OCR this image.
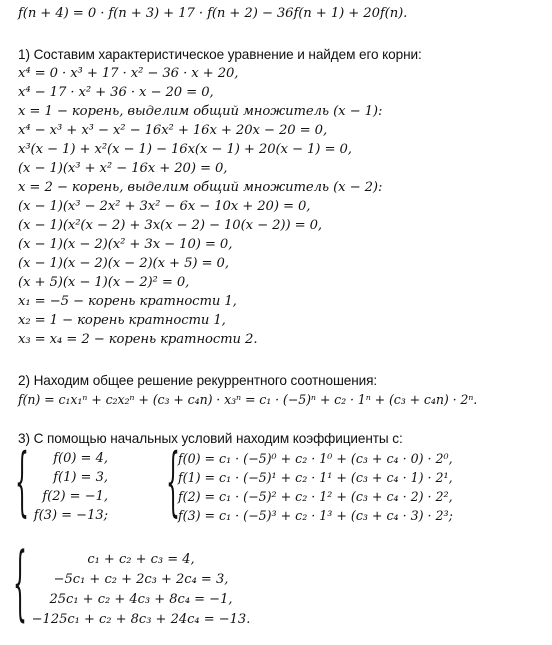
f(n + 4) = 0 · f(n + 3) + 17 · f(n + 2) − 36f(n + 1) + 20f(n).
1) Составим характеристическое уравнение и найдем его корни:
x⁴ = 0 · x³ + 17 · x² − 36 · x + 20,
x⁴ − 17 · x² + 36 · x − 20 = 0,
x = 1 − корень, выделим общий множитель (x − 1):
x⁴ − x³ + x³ − x² − 16x² + 16x + 20x − 20 = 0,
x³(x − 1) + x²(x − 1) − 16x(x − 1) + 20(x − 1) = 0,
(x − 1)(x³ + x² − 16x + 20) = 0,
x = 2 − корень, выделим общий множитель (x − 2):
(x − 1)(x³ − 2x² + 3x² − 6x − 10x + 20) = 0,
(x − 1)(x²(x − 2) + 3x(x − 2) − 10(x − 2)) = 0,
(x − 1)(x − 2)(x² + 3x − 10) = 0,
(x − 1)(x − 2)(x − 2)(x + 5) = 0,
(x + 5)(x − 1)(x − 2)² = 0,
x₁ = −5 − корень кратности 1,
x₂ = 1 − корень кратности 1,
x₃ = x₄ = 2 − корень кратности 2.
2) Находим общее решение рекуррентного соотношения:
f(n) = c₁x₁ⁿ + c₂x₂ⁿ + (c₃ + c₄n) · x₃ⁿ = c₁ · (−5)ⁿ + c₂ · 1ⁿ + (c₃ + c₄n) · 2ⁿ.
3) С помощью начальных условий находим коэффициенты c:
{	f(0) = 4,
f(1) = 3,
f(2) = −1,
f(3) = −13;	{
f(0) = c₁ · (−5)⁰ + c₂ · 1⁰ + (c₃ + c₄ · 0) · 2⁰,
f(1) = c₁ · (−5)¹ + c₂ · 1¹ + (c₃ + c₄ · 1) · 2¹,
f(2) = c₁ · (−5)² + c₂ · 1² + (c₃ + c₄ · 2) · 2²,
f(3) = c₁ · (−5)³ + c₂ · 1³ + (c₃ + c₄ · 3) · 2³;
{	c₁ + c₂ + c₃ = 4,
−5c₁ + c₂ + 2c₃ + 2c₄ = 3,
25c₁ + c₂ + 4c₃ + 8c₄ = −1,
−125c₁ + c₂ + 8c₃ + 24c₄ = −13.
